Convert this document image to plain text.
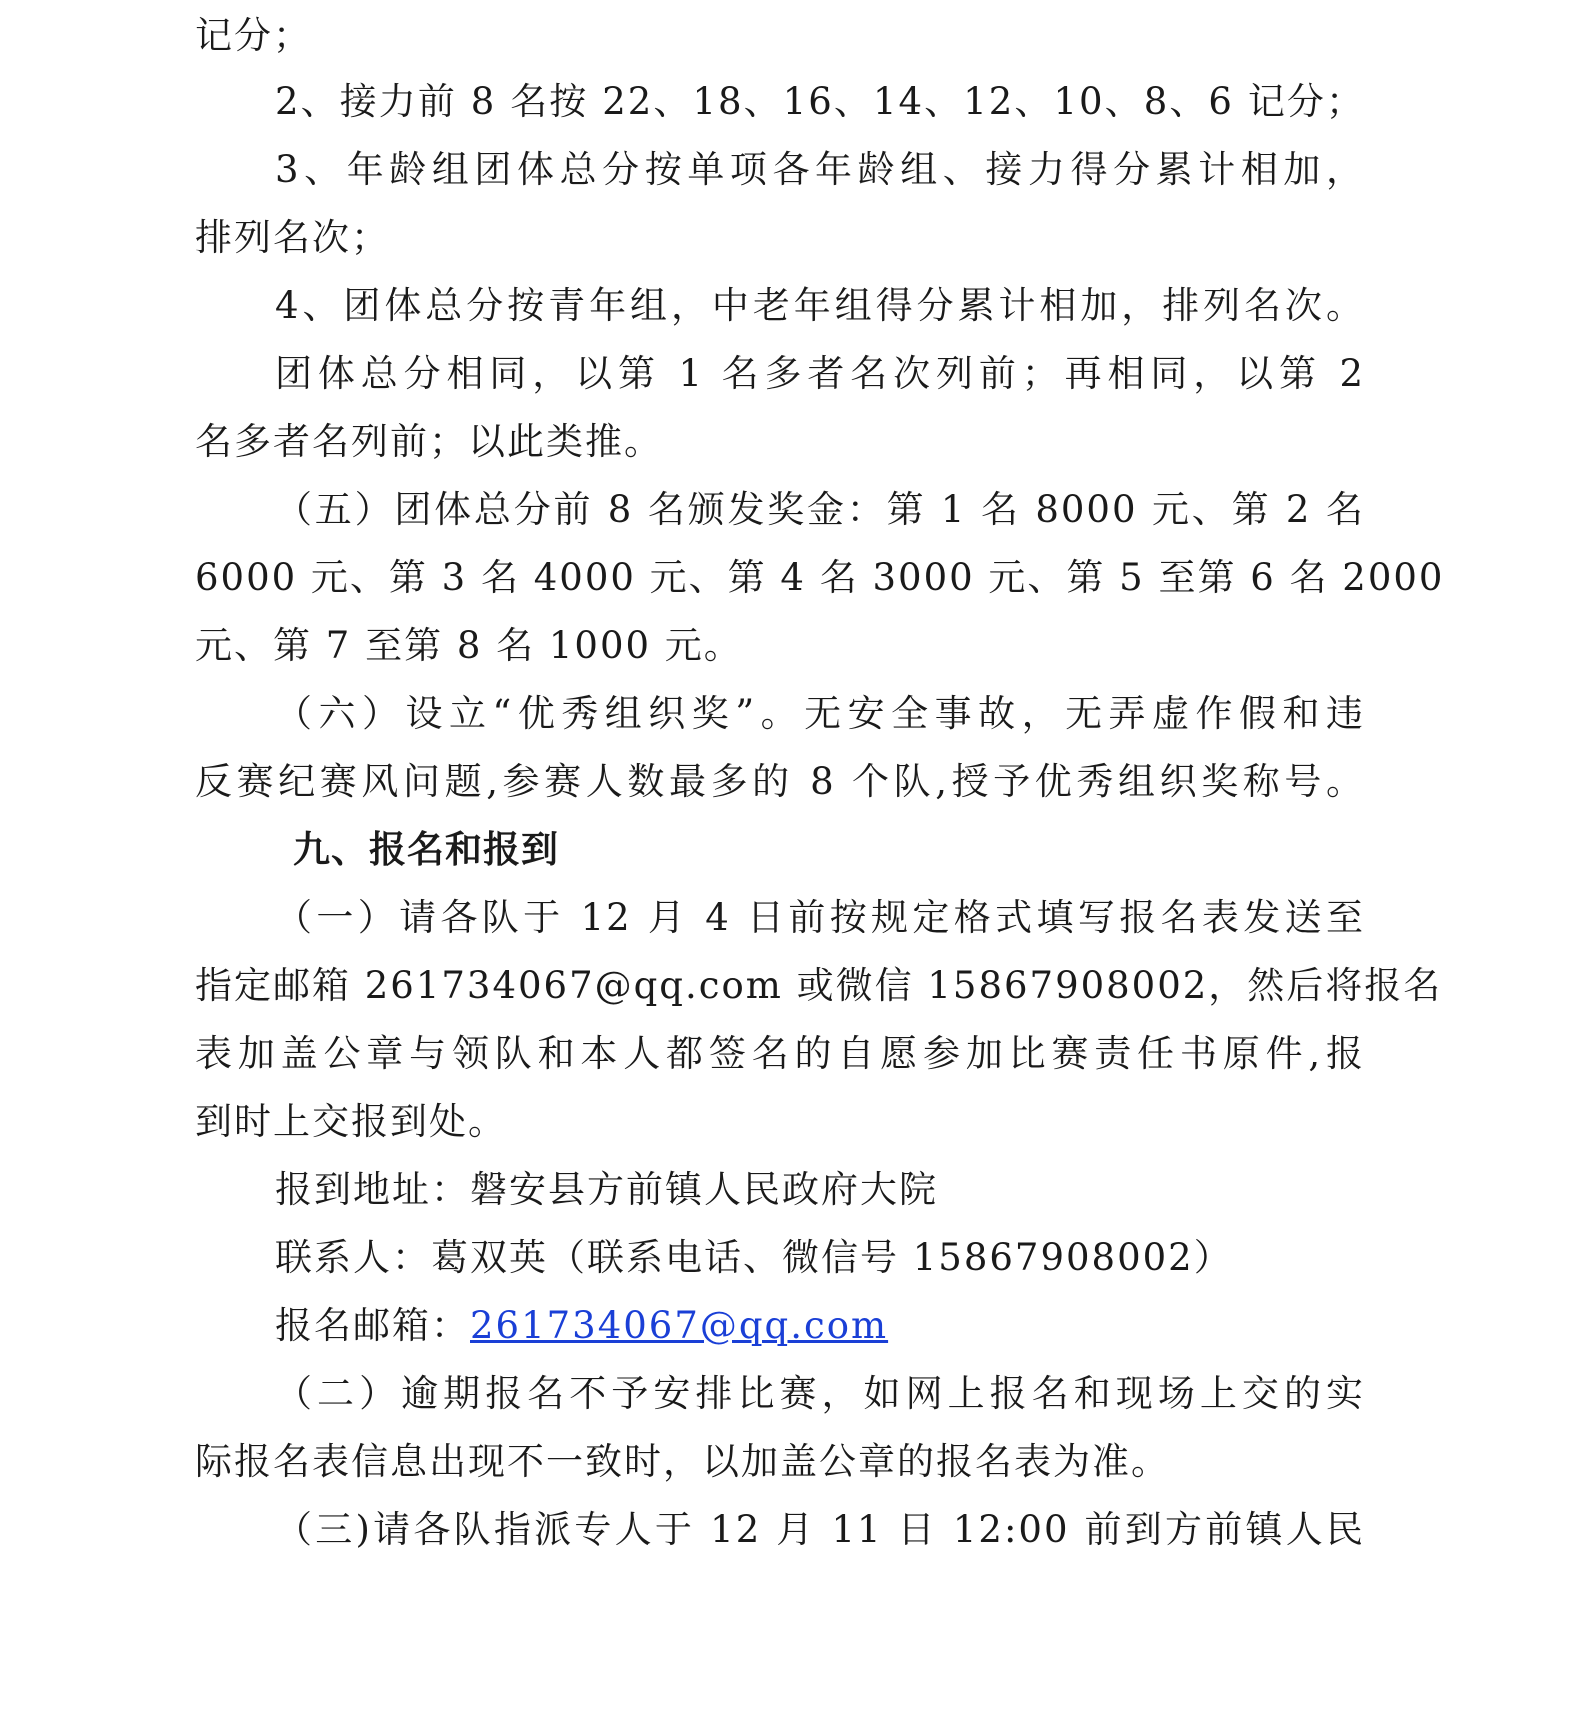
记分；
2、接力前 8 名按 22、18、16、14、12、10、8、6 记分；
3、年龄组团体总分按单项各年龄组、接力得分累计相加，
排列名次；
4、团体总分按青年组，中老年组得分累计相加，排列名次。
团体总分相同，以第 1 名多者名次列前；再相同，以第 2
名多者名列前；以此类推。
（五）团体总分前 8 名颁发奖金：第 1 名 8000 元、第 2 名
6000 元、第 3 名 4000 元、第 4 名 3000 元、第 5 至第 6 名 2000
元、第 7 至第 8 名 1000 元。
（六）设立“优秀组织奖”。无安全事故，无弄虚作假和违
反赛纪赛风问题,参赛人数最多的 8 个队,授予优秀组织奖称号。
九、报名和报到
（一）请各队于 12 月 4 日前按规定格式填写报名表发送至
指定邮箱 261734067@qq.com 或微信 15867908002，然后将报名
表加盖公章与领队和本人都签名的自愿参加比赛责任书原件,报
到时上交报到处。
报到地址：磐安县方前镇人民政府大院
联系人：葛双英（联系电话、微信号 15867908002）
报名邮箱：261734067@qq.com
（二）逾期报名不予安排比赛，如网上报名和现场上交的实
际报名表信息出现不一致时，以加盖公章的报名表为准。
（三)请各队指派专人于 12 月 11 日 12:00 前到方前镇人民
